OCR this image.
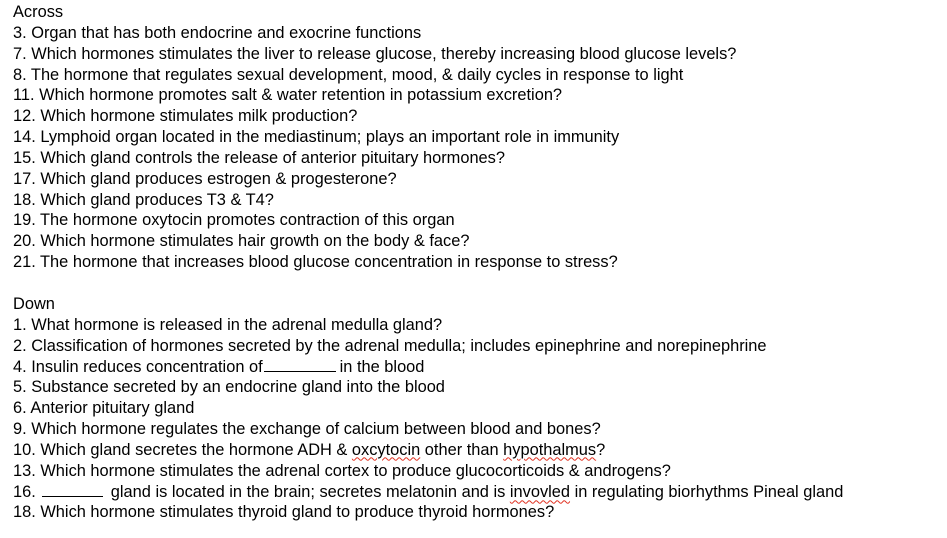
Across
3. Organ that has both endocrine and exocrine functions
7. Which hormones stimulates the liver to release glucose, thereby increasing blood glucose levels?
8. The hormone that regulates sexual development, mood, & daily cycles in response to light
11. Which hormone promotes salt & water retention in potassium excretion?
12. Which hormone stimulates milk production?
14. Lymphoid organ located in the mediastinum; plays an important role in immunity
15. Which gland controls the release of anterior pituitary hormones?
17. Which gland produces estrogen & progesterone?
18. Which gland produces T3 & T4?
19. The hormone oxytocin promotes contraction of this organ
20. Which hormone stimulates hair growth on the body & face?
21. The hormone that increases blood glucose concentration in response to stress?
Down
1. What hormone is released in the adrenal medulla gland?
2. Classification of hormones secreted by the adrenal medulla; includes epinephrine and norepinephrine
4. Insulin reduces concentration of	in the blood
5. Substance secreted by an endocrine gland into the blood
6. Anterior pituitary gland
9. Which hormone regulates the exchange of calcium between blood and bones?
10. Which gland secretes the hormone ADH & oxcytocin other than hypothalmus?
13. Which hormone stimulates the adrenal cortex to produce glucocorticoids & androgens?
16.	gland is located in the brain; secretes melatonin and is invovled in regulating biorhythms Pineal gland
18. Which hormone stimulates thyroid gland to produce thyroid hormones?
